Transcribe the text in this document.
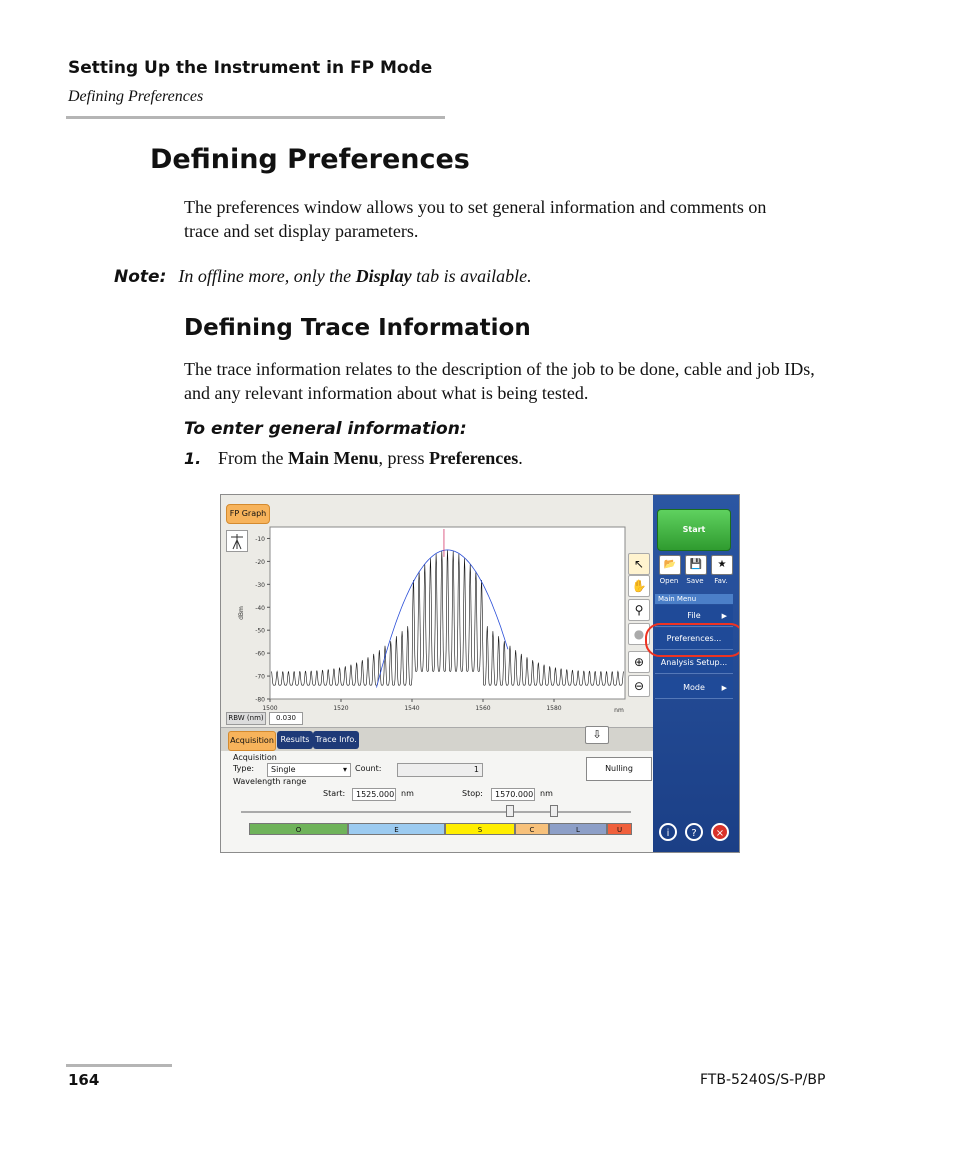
Setting Up the Instrument in FP Mode
Defining Preferences
Defining Preferences
The preferences window allows you to set general information and comments on trace and set display parameters.
Note: In offline more, only the Display tab is available.
Defining Trace Information
The trace information relates to the description of the job to be done, cable and job IDs, and any relevant information about what is being tested.
To enter general information:
1. From the Main Menu, press Preferences.
FP Graph
-10
-20
-30
-40
-50
-60
-70
-80
1500	1520	1540	1560	1580	nm
dBm
RBW (nm)	0.030
↖
✋
⚲
●
⊕
⊖
Acquisition Results Trace Info.	⇩
Acquisition
Type:	Single	▾ Count:	1	Nulling
Wavelength range
Start:	1525.000 nm	Stop:	1570.000 nm
O	E	S	C	L	U
Start
📂	💾	★
Open	Save	Fav.
Main Menu
File	▶
Preferences...
Analysis Setup...
Mode ▶
i	?	×
164	FTB-5240S/S-P/BP
